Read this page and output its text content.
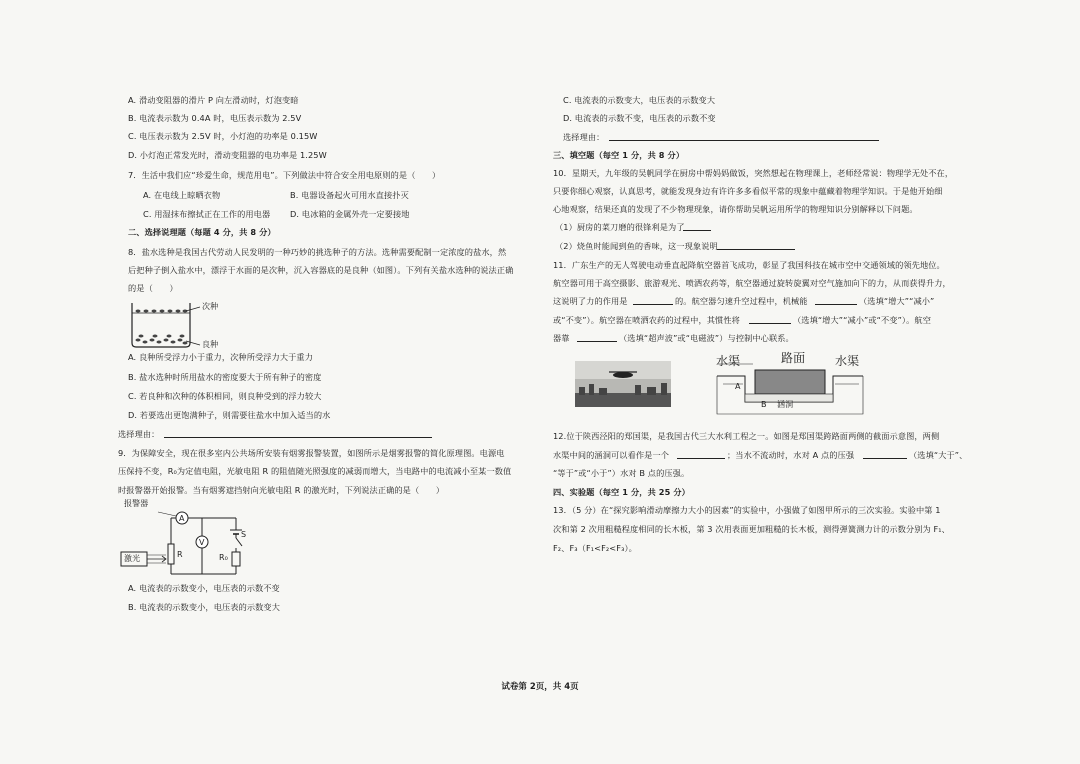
A. 滑动变阻器的滑片 P 向左滑动时，灯泡变暗
B. 电流表示数为 0.4A 时，电压表示数为 2.5V
C. 电压表示数为 2.5V 时，小灯泡的功率是 0.15W
D. 小灯泡正常发光时，滑动变阻器的电功率是 1.25W
7．生活中我们应“珍爱生命，规范用电”。下列做法中符合安全用电原则的是（　　）
A. 在电线上晾晒衣物	B. 电器设备起火可用水直接扑灭
C. 用湿抹布擦拭正在工作的用电器 D. 电冰箱的金属外壳一定要接地
二、选择说理题（每题 4 分，共 8 分）
8．盐水选种是我国古代劳动人民发明的一种巧妙的挑选种子的方法。选种需要配制一定浓度的盐水，然
后把种子倒入盐水中，漂浮于水面的是次种，沉入容器底的是良种（如图）。下列有关盐水选种的说法正确
的是（　　）
次种
良种
A. 良种所受浮力小于重力，次种所受浮力大于重力
B. 盐水选种时所用盐水的密度要大于所有种子的密度
C. 若良种和次种的体积相同，则良种受到的浮力较大
D. 若要选出更饱满种子，则需要往盐水中加入适当的水
选择理由：
9．为保障安全，现在很多室内公共场所安装有烟雾报警装置，如图所示是烟雾报警的简化原理图。电源电
压保持不变，R₀为定值电阻，光敏电阻 R 的阻值随光照强度的减弱而增大，当电路中的电流减小至某一数值
时报警器开始报警。当有烟雾遮挡射向光敏电阻 R 的激光时，下列说法正确的是（　　）
报警器
A
V
激光	R	R₀
S
A. 电流表的示数变小，电压表的示数不变
B. 电流表的示数变小，电压表的示数变大
C. 电流表的示数变大，电压表的示数变大
D. 电流表的示数不变，电压表的示数不变
选择理由：
三、填空题（每空 1 分，共 8 分）
10．星期天，九年级的吴帆同学在厨房中帮妈妈做饭，突然想起在物理课上，老师经常说：物理学无处不在，
只要你细心观察，认真思考，就能发现身边有许许多多看似平常的现象中蕴藏着物理学知识。于是他开始细
心地观察，结果还真的发现了不少物理现象，请你帮助吴帆运用所学的物理知识分别解释以下问题。
（1）厨房的菜刀磨的很锋利是为了
（2）烧鱼时能闻到鱼的香味，这一现象说明
11．广东生产的无人驾驶电动垂直起降航空器首飞成功，彰显了我国科技在城市空中交通领域的领先地位。
航空器可用于高空摄影、旅游观光、喷洒农药等，航空器通过旋转旋翼对空气施加向下的力，从而获得升力，
这说明了力的作用是	的。航空器匀速升空过程中，机械能	（选填“增大”“减小”
或“不变”）。航空器在喷洒农药的过程中，其惯性将	（选填“增大”“减小”或“不变”）。航空
器靠	（选填“超声波”或“电磁波”）与控制中心联系。
水渠	路面 水渠
A
B 涵洞
12.位于陕西泾阳的郑国渠，是我国古代三大水利工程之一。如图是郑国渠跨路面两侧的截面示意图，两侧
水渠中间的涵洞可以看作是一个	；当水不流动时，水对 A 点的压强	（选填“大于”、
“等于”或“小于”）水对 B 点的压强。
四、实验题（每空 1 分，共 25 分）
13．（5 分）在“探究影响滑动摩擦力大小的因素”的实验中，小强做了如图甲所示的三次实验。实验中第 1
次和第 2 次用粗糙程度相同的长木板，第 3 次用表面更加粗糙的长木板，测得弹簧测力计的示数分别为 F₁、
F₂、F₃（F₁<F₂<F₃）。
试卷第 2页，共 4页
